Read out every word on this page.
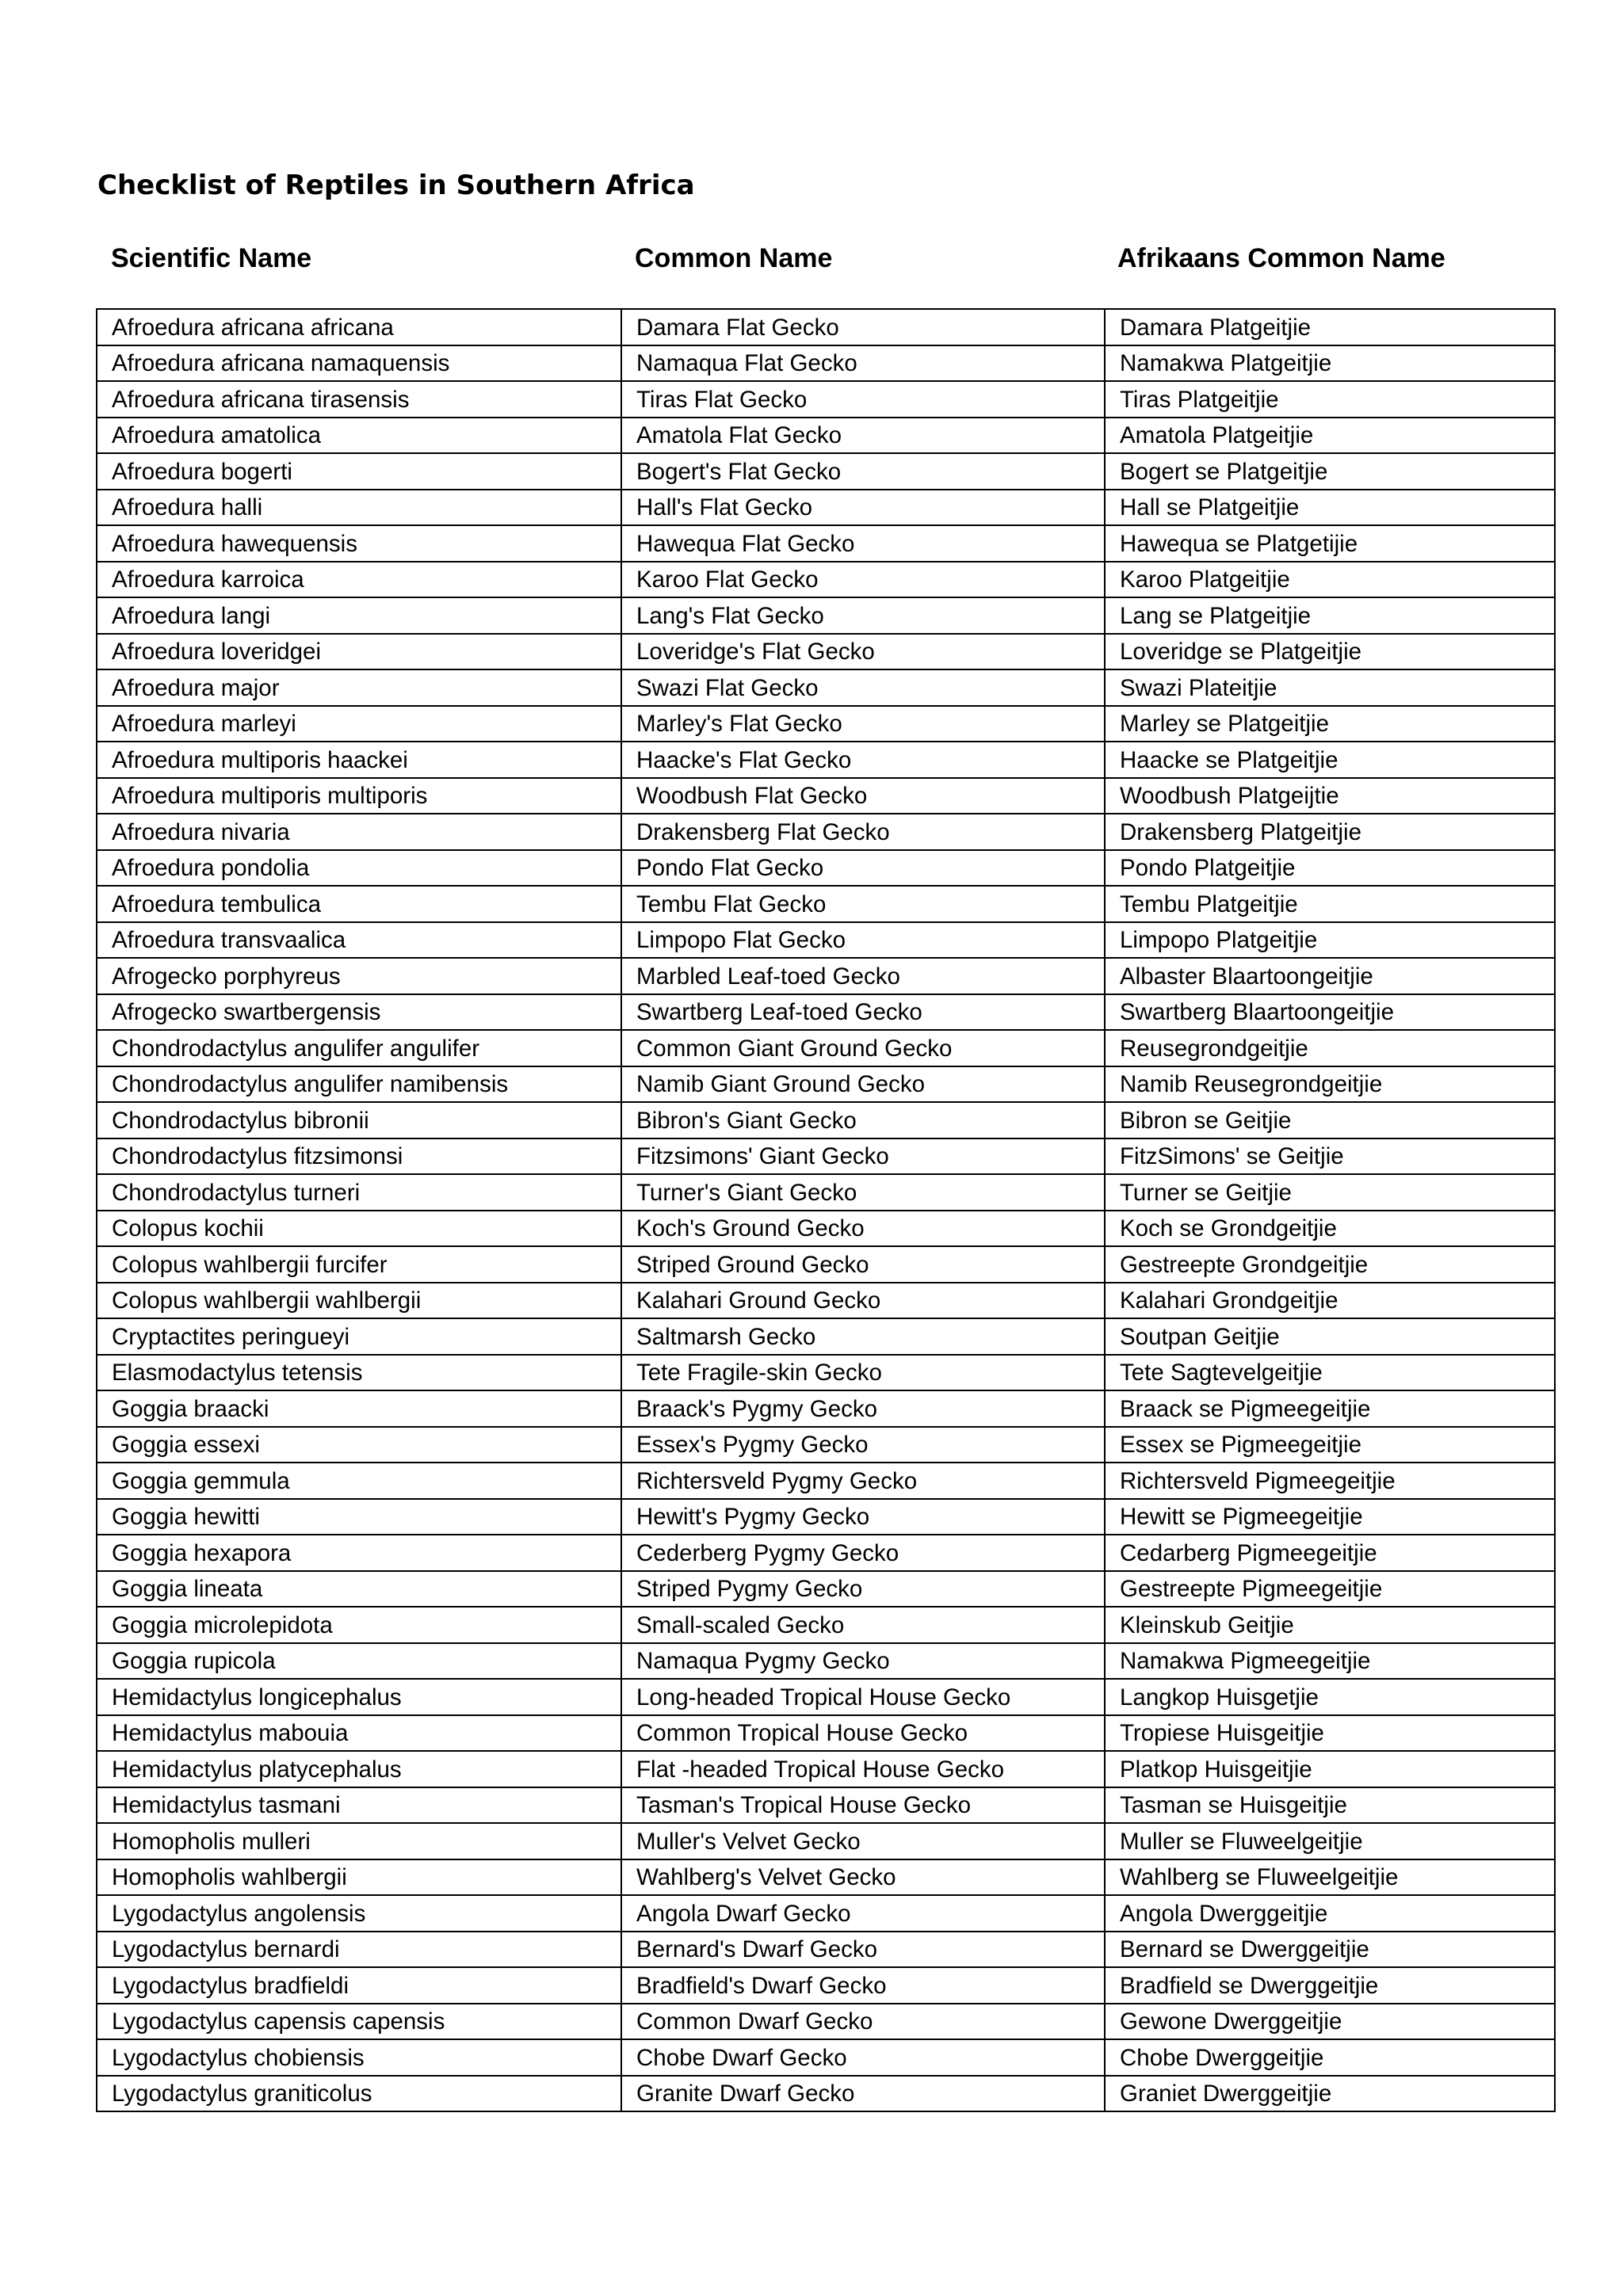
Checklist of Reptiles in Southern Africa
Scientific Name	Common Name	Afrikaans Common Name
Afroedura africana africana	Damara Flat Gecko	Damara Platgeitjie
Afroedura africana namaquensis	Namaqua Flat Gecko	Namakwa Platgeitjie
Afroedura africana tirasensis	Tiras Flat Gecko	Tiras Platgeitjie
Afroedura amatolica	Amatola Flat Gecko	Amatola Platgeitjie
Afroedura bogerti	Bogert's Flat Gecko	Bogert se Platgeitjie
Afroedura halli	Hall's Flat Gecko	Hall se Platgeitjie
Afroedura hawequensis	Hawequa Flat Gecko	Hawequa se Platgetijie
Afroedura karroica	Karoo Flat Gecko	Karoo Platgeitjie
Afroedura langi	Lang's Flat Gecko	Lang se Platgeitjie
Afroedura loveridgei	Loveridge's Flat Gecko	Loveridge se Platgeitjie
Afroedura major	Swazi Flat Gecko	Swazi Plateitjie
Afroedura marleyi	Marley's Flat Gecko	Marley se Platgeitjie
Afroedura multiporis haackei	Haacke's Flat Gecko	Haacke se Platgeitjie
Afroedura multiporis multiporis	Woodbush Flat Gecko	Woodbush Platgeijtie
Afroedura nivaria	Drakensberg Flat Gecko	Drakensberg Platgeitjie
Afroedura pondolia	Pondo Flat Gecko	Pondo Platgeitjie
Afroedura tembulica	Tembu Flat Gecko	Tembu Platgeitjie
Afroedura transvaalica	Limpopo Flat Gecko	Limpopo Platgeitjie
Afrogecko porphyreus	Marbled Leaf-toed Gecko	Albaster Blaartoongeitjie
Afrogecko swartbergensis	Swartberg Leaf-toed Gecko	Swartberg Blaartoongeitjie
Chondrodactylus angulifer angulifer	Common Giant Ground Gecko	Reusegrondgeitjie
Chondrodactylus angulifer namibensis	Namib Giant Ground Gecko	Namib Reusegrondgeitjie
Chondrodactylus bibronii	Bibron's Giant Gecko	Bibron se Geitjie
Chondrodactylus fitzsimonsi	Fitzsimons' Giant Gecko	FitzSimons' se Geitjie
Chondrodactylus turneri	Turner's Giant Gecko	Turner se Geitjie
Colopus kochii	Koch's Ground Gecko	Koch se Grondgeitjie
Colopus wahlbergii furcifer	Striped Ground Gecko	Gestreepte Grondgeitjie
Colopus wahlbergii wahlbergii	Kalahari Ground Gecko	Kalahari Grondgeitjie
Cryptactites peringueyi	Saltmarsh Gecko	Soutpan Geitjie
Elasmodactylus tetensis	Tete Fragile-skin Gecko	Tete Sagtevelgeitjie
Goggia braacki	Braack's Pygmy Gecko	Braack se Pigmeegeitjie
Goggia essexi	Essex's Pygmy Gecko	Essex se Pigmeegeitjie
Goggia gemmula	Richtersveld Pygmy Gecko	Richtersveld Pigmeegeitjie
Goggia hewitti	Hewitt's Pygmy Gecko	Hewitt se Pigmeegeitjie
Goggia hexapora	Cederberg Pygmy Gecko	Cedarberg Pigmeegeitjie
Goggia lineata	Striped Pygmy Gecko	Gestreepte Pigmeegeitjie
Goggia microlepidota	Small-scaled Gecko	Kleinskub Geitjie
Goggia rupicola	Namaqua Pygmy Gecko	Namakwa Pigmeegeitjie
Hemidactylus longicephalus	Long-headed Tropical House Gecko	Langkop Huisgetjie
Hemidactylus mabouia	Common Tropical House Gecko	Tropiese Huisgeitjie
Hemidactylus platycephalus	Flat -headed Tropical House Gecko	Platkop Huisgeitjie
Hemidactylus tasmani	Tasman's Tropical House Gecko	Tasman se Huisgeitjie
Homopholis mulleri	Muller's Velvet Gecko	Muller se Fluweelgeitjie
Homopholis wahlbergii	Wahlberg's Velvet Gecko	Wahlberg se Fluweelgeitjie
Lygodactylus angolensis	Angola Dwarf Gecko	Angola Dwerggeitjie
Lygodactylus bernardi	Bernard's Dwarf Gecko	Bernard se Dwerggeitjie
Lygodactylus bradfieldi	Bradfield's Dwarf Gecko	Bradfield se Dwerggeitjie
Lygodactylus capensis capensis	Common Dwarf Gecko	Gewone Dwerggeitjie
Lygodactylus chobiensis	Chobe Dwarf Gecko	Chobe Dwerggeitjie
Lygodactylus graniticolus	Granite Dwarf Gecko	Graniet Dwerggeitjie
